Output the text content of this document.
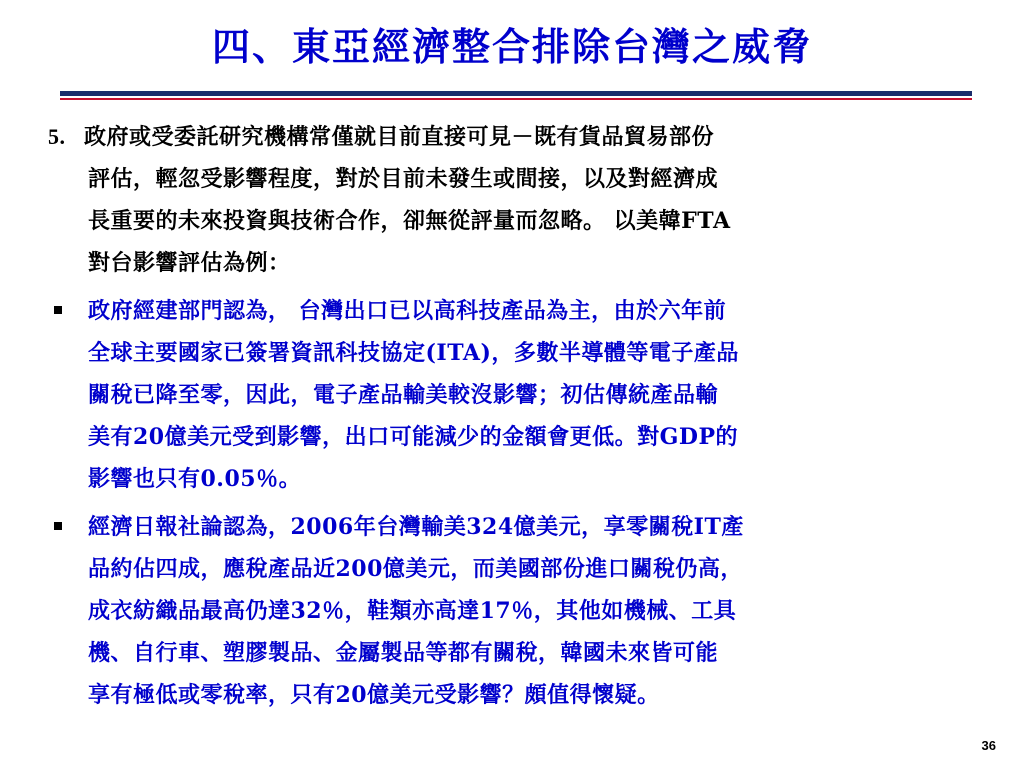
四、東亞經濟整合排除台灣之威脅
5. 政府或受委託研究機構常僅就目前直接可見－既有貨品貿易部份
評估，輕忽受影響程度，對於目前未發生或間接，以及對經濟成
長重要的未來投資與技術合作，卻無從評量而忽略。 以美韓FTA
對台影響評估為例：
政府經建部門認為， 台灣出口已以高科技產品為主，由於六年前
全球主要國家已簽署資訊科技協定(ITA)，多數半導體等電子產品
關稅已降至零，因此，電子產品輸美較沒影響；初估傳統產品輸
美有20億美元受到影響，出口可能減少的金額會更低。對GDP的
影響也只有0.05％。
經濟日報社論認為，2006年台灣輸美324億美元，享零關稅IT產
品約佔四成，應稅產品近200億美元，而美國部份進口關稅仍高，
成衣紡織品最高仍達32％，鞋類亦高達17％，其他如機械、工具
機、自行車、塑膠製品、金屬製品等都有關稅，韓國未來皆可能
享有極低或零稅率，只有20億美元受影響？頗值得懷疑。
36
